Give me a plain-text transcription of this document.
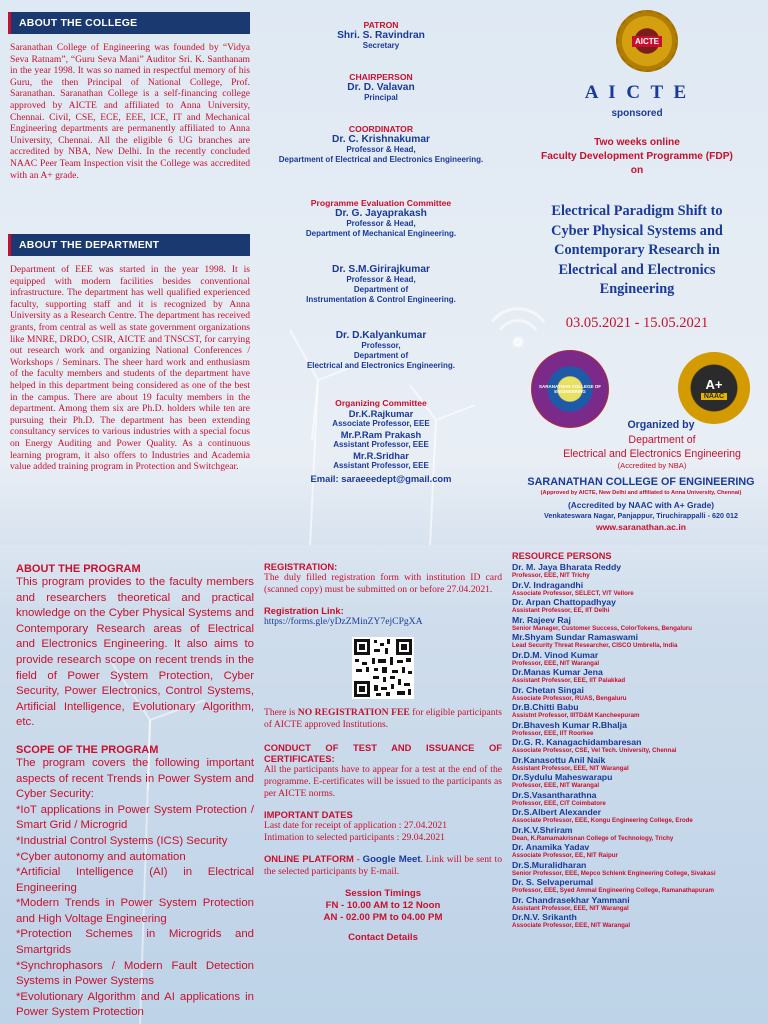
ABOUT THE COLLEGE

Saranathan College of Engineering was founded by “Vidya Seva Ratnam”, “Guru Seva Mani” Auditor Sri. K. Santhanam in the year 1998. It was so named in respectful memory of his Guru, the then Principal of National College, Prof. Saranathan. Saranathan College is a self-financing college approved by AICTE and affiliated to Anna University, Chennai. Civil, CSE, ECE, EEE, ICE, IT and Mechanical Engineering departments are permanently affiliated to Anna University, Chennai. All the eligible 6 UG branches are accredited by NBA, New Delhi. In the recently concluded NAAC Peer Team Inspection visit the College was accredited with an A+ grade.

ABOUT THE DEPARTMENT

Department of EEE was started in the year 1998. It is equipped with modern facilities besides conventional infrastructure. The department has well qualified experienced faculty, supporting staff and it is recognized by Anna University as a Research Centre. The department has received grants, from central as well as state government organizations like MNRE, DRDO, CSIR, AICTE and TNSCST, for carrying out research work and organizing National Conferences / Workshops / Seminars. The sheer hard work and enthusiasm of the faculty members and students of the department have helped in this department being considered as one of the best in the campus. There are about 19 faculty members in the department. Among them six are Ph.D. holders while ten are pursuing their Ph.D. The department has been extending consultancy services to various industries with a special focus on Energy Auditing and Power Quality. As a continuous learning program, it also offers to Industries and Academia value added training program in Protection and Switchgear.

PATRON
Shri. S. Ravindran
Secretary
CHAIRPERSON
Dr. D. Valavan
Principal
COORDINATOR
Dr. C. Krishnakumar
Professor & Head,
Department of Electrical and Electronics Engineering.
Programme Evaluation Committee
Dr. G. Jayaprakash
Professor & Head,
Department of Mechanical Engineering.
Dr. S.M.Girirajkumar
Professor & Head,
Department of
Instrumentation & Control Engineering.
Dr. D.Kalyankumar
Professor,
Department of
Electrical and Electronics Engineering.
Organizing Committee
Dr.K.Rajkumar
Associate Professor, EEE
Mr.P.Ram Prakash
Assistant Professor, EEE
Mr.R.Sridhar
Assistant Professor, EEE
Email: saraeeedept@gmail.com
AICTE
A I C T E
sponsored
Two weeks online
Faculty Development Programme (FDP)
on
Electrical Paradigm Shift to
Cyber Physical Systems and
Contemporary Research in
Electrical and Electronics
Engineering
03.05.2021 - 15.05.2021
SARANATHAN COLLEGE OF ENGINEERING	A+
NAAC
Organized by
Department of
Electrical and Electronics Engineering
(Accredited by NBA)
SARANATHAN COLLEGE OF ENGINEERING
(Approved by AICTE, New Delhi and affiliated to Anna University, Chennai)
(Accredited by NAAC with A+ Grade)
Venkateswara Nagar, Panjappur, Tiruchirappalli - 620 012
www.saranathan.ac.in
ABOUT THE PROGRAM

This program provides to the faculty members and researchers theoretical and practical knowledge on the Cyber Physical Systems and Contemporary Research areas of Electrical and Electronics Engineering. It also aims to provide research scope on recent trends in the field of Power System Protection, Cyber Security, Power Electronics, Control Systems, Artificial Intelligence, Evolutionary Algorithm, etc.

SCOPE OF THE PROGRAM

The program covers the following important aspects of recent Trends in Power System and Cyber Security:

*IoT applications in Power System Protection / Smart Grid / Microgrid

*Industrial Control Systems (ICS) Security

*Cyber autonomy and automation

*Artificial Intelligence (AI) in Electrical Engineering

*Modern Trends in Power System Protection and High Voltage Engineering

*Protection Schemes in Microgrids and Smartgrids

*Synchrophasors / Modern Fault Detection Systems in Power Systems

*Evolutionary Algorithm and AI applications in Power System Protection

REGISTRATION:

The duly filled registration form with institution ID card (scanned copy) must be submitted on or before 27.04.2021.

Registration Link:
https://forms.gle/yDzZMinZY7ejCPgXA

There is NO REGISTRATION FEE for eligible participants of AICTE approved Institutions.

CONDUCT OF TEST AND ISSUANCE OF CERTIFICATES:

All the participants have to appear for a test at the end of the programme. E-certificates will be issued to the participants as per AICTE norms.

IMPORTANT DATES

Last date for receipt of application : 27.04.2021

Intimation to selected participants : 29.04.2021

ONLINE PLATFORM - Google Meet. Link will be sent to the selected participants by E-mail.

Session Timings
FN - 10.00 AM to 12 Noon
AN - 02.00 PM to 04.00 PM
Contact Details
RESOURCE PERSONS
Dr. M. Jaya Bharata Reddy
Professor, EEE, NIT Trichy
Dr.V. Indragandhi
Associate Professor, SELECT, VIT Vellore
Dr. Arpan Chattopadhyay
Assistant Professor, EE, IIT Delhi
Mr. Rajeev Raj
Senior Manager, Customer Success, ColorTokens, Bengaluru
Mr.Shyam Sundar Ramaswami
Lead Security Threat Researcher, CISCO Umbrella, India
Dr.D.M. Vinod Kumar
Professor, EEE, NIT Warangal
Dr.Manas Kumar Jena
Assistant Professor, EEE, IIT Palakkad
Dr. Chetan Singai
Associate Professor, RUAS, Bengaluru
Dr.B.Chitti Babu
Assistnt Professor, IIITD&M Kancheepuram
Dr.Bhavesh Kumar R.Bhalja
Professor, EEE, IIT Roorkee
Dr.G. R. Kanagachidambaresan
Associate Professor, CSE, Vel Tech. University, Chennai
Dr.Kanasottu Anil Naik
Assistant Professor, EEE, NIT Warangal
Dr.Sydulu Maheswarapu
Professor, EEE, NIT Warangal
Dr.S.Vasantharathna
Professor, EEE, CIT Coimbatore
Dr.S.Albert Alexander
Associate Professor, EEE, Kongu Engineering College, Erode
Dr.K.V.Shriram
Dean, K.Ramamakrisnan College of Technology, Trichy
Dr. Anamika Yadav
Associate Professor, EE, NIT Raipur
Dr.S.Muralidharan
Senior Professor, EEE, Mepco Schlenk Engineering College, Sivakasi
Dr. S. Selvaperumal
Professor, EEE, Syed Ammal Engineering College, Ramanathapuram
Dr. Chandrasekhar Yammani
Assistant Professor, EEE, NIT Warangal
Dr.N.V. Srikanth
Associate Professor, EEE, NIT Warangal
